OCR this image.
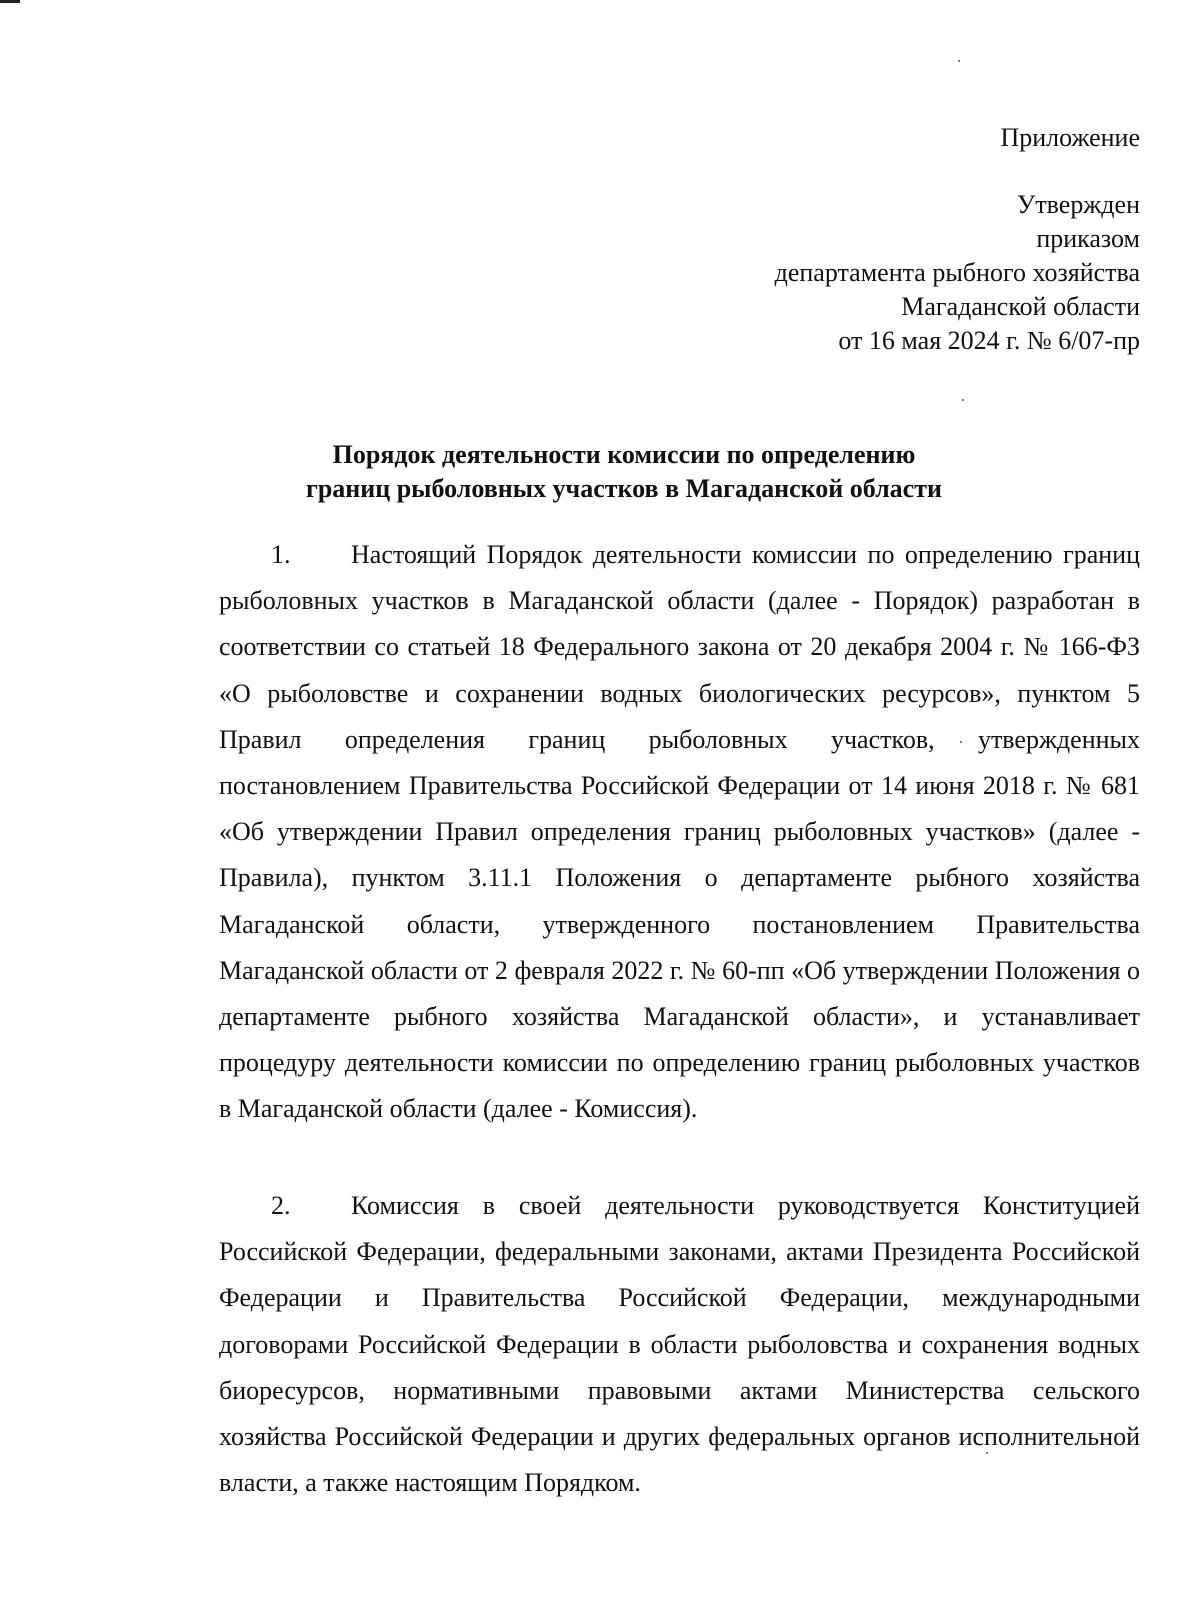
Приложение
Утвержден
приказом
департамента рыбного хозяйства
Магаданской области
от 16 мая 2024 г. № 6/07-пр
Порядок деятельности комиссии по определению
границ рыболовных участков в Магаданской области
1. Настоящий Порядок деятельности комиссии по определению границ рыболовных участков в Магаданской области (далее - Порядок) разработан в соответствии со статьей 18 Федерального закона от 20 декабря 2004 г. № 166-ФЗ «О рыболовстве и сохранении водных биологических ресурсов», пунктом 5 Правил определения границ рыболовных участков, утвержденных постановлением Правительства Российской Федерации от 14 июня 2018 г. № 681 «Об утверждении Правил определения границ рыболовных участков» (далее - Правила), пунктом 3.11.1 Положения о департаменте рыбного хозяйства Магаданской области, утвержденного постановлением Правительства Магаданской области от 2 февраля 2022 г. № 60-пп «Об утверждении Положения о департаменте рыбного хозяйства Магаданской области», и устанавливает процедуру деятельности комиссии по определению границ рыболовных участков в Магаданской области (далее - Комиссия).
2. Комиссия в своей деятельности руководствуется Конституцией Российской Федерации, федеральными законами, актами Президента Российской Федерации и Правительства Российской Федерации, международными договорами Российской Федерации в области рыболовства и сохранения водных биоресурсов, нормативными правовыми актами Министерства сельского хозяйства Российской Федерации и других федеральных органов исполнительной власти, а также настоящим Порядком.
